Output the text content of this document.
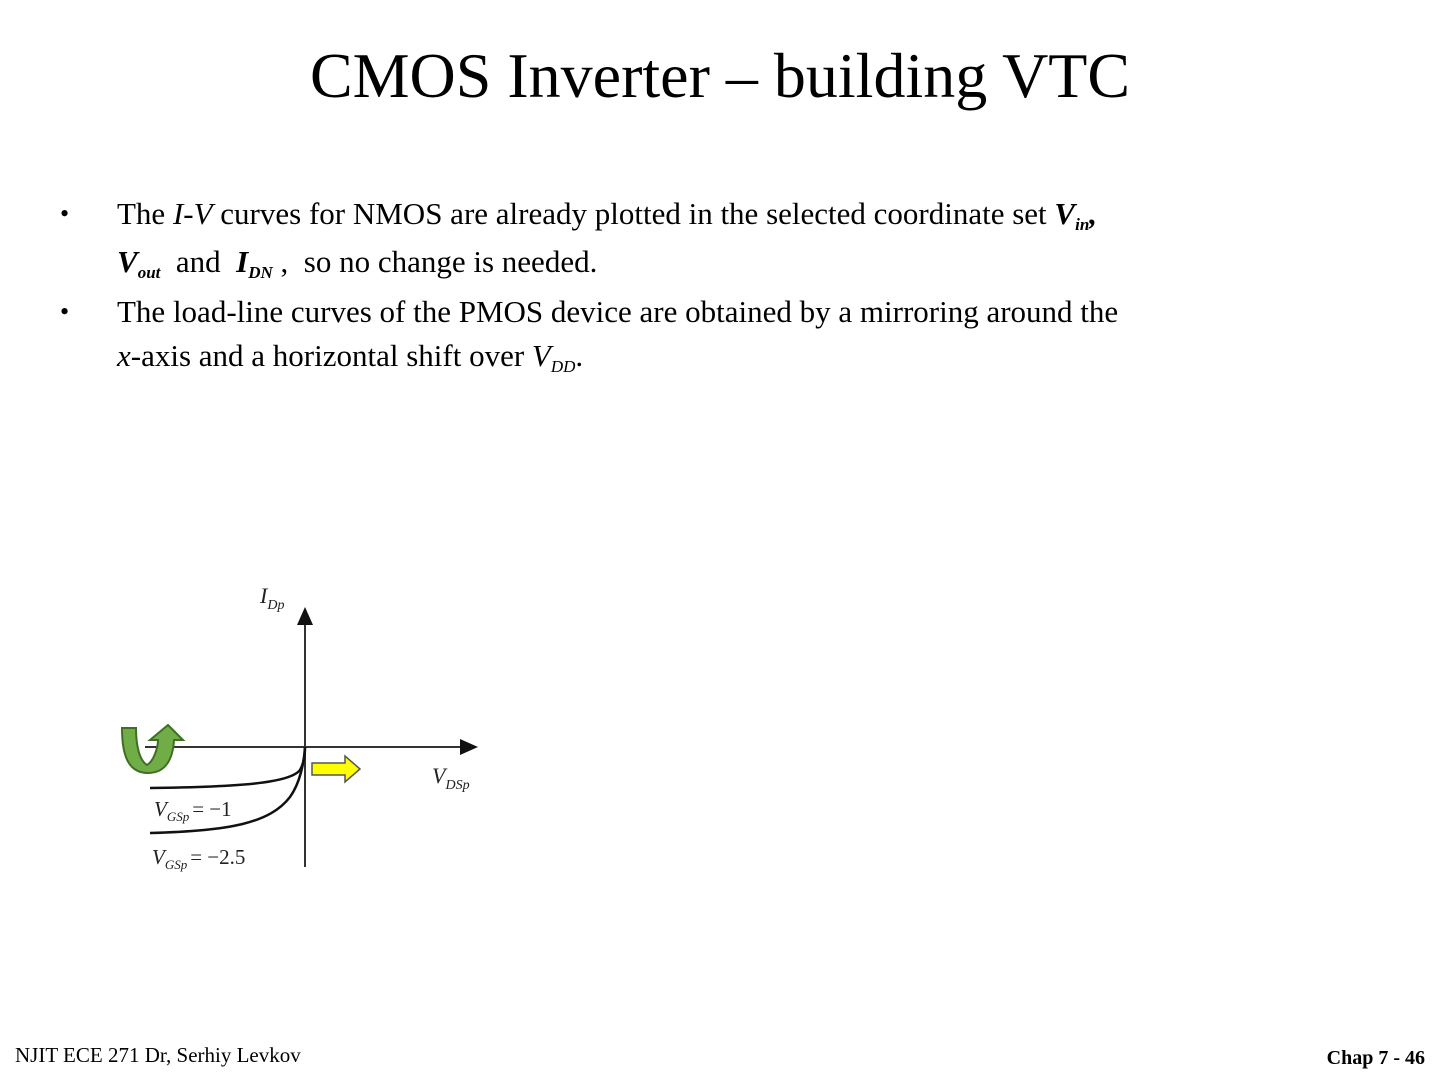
CMOS Inverter – building VTC
• The I-V curves for NMOS are already plotted in the selected coordinate set $V_{in}$,
$V_{out}$  and  $I_{DN}$ ,  so no change is needed.
• The load-line curves of the PMOS device are obtained by a mirroring around the
x-axis and a horizontal shift over $V_{DD}$.
$I_{Dp}$
$V_{DSp}$
$V_{GSp} = -1$
$V_{GSp} = -2.5$
NJIT ECE 271 Dr, Serhiy Levkov	Chap 7 - 46
